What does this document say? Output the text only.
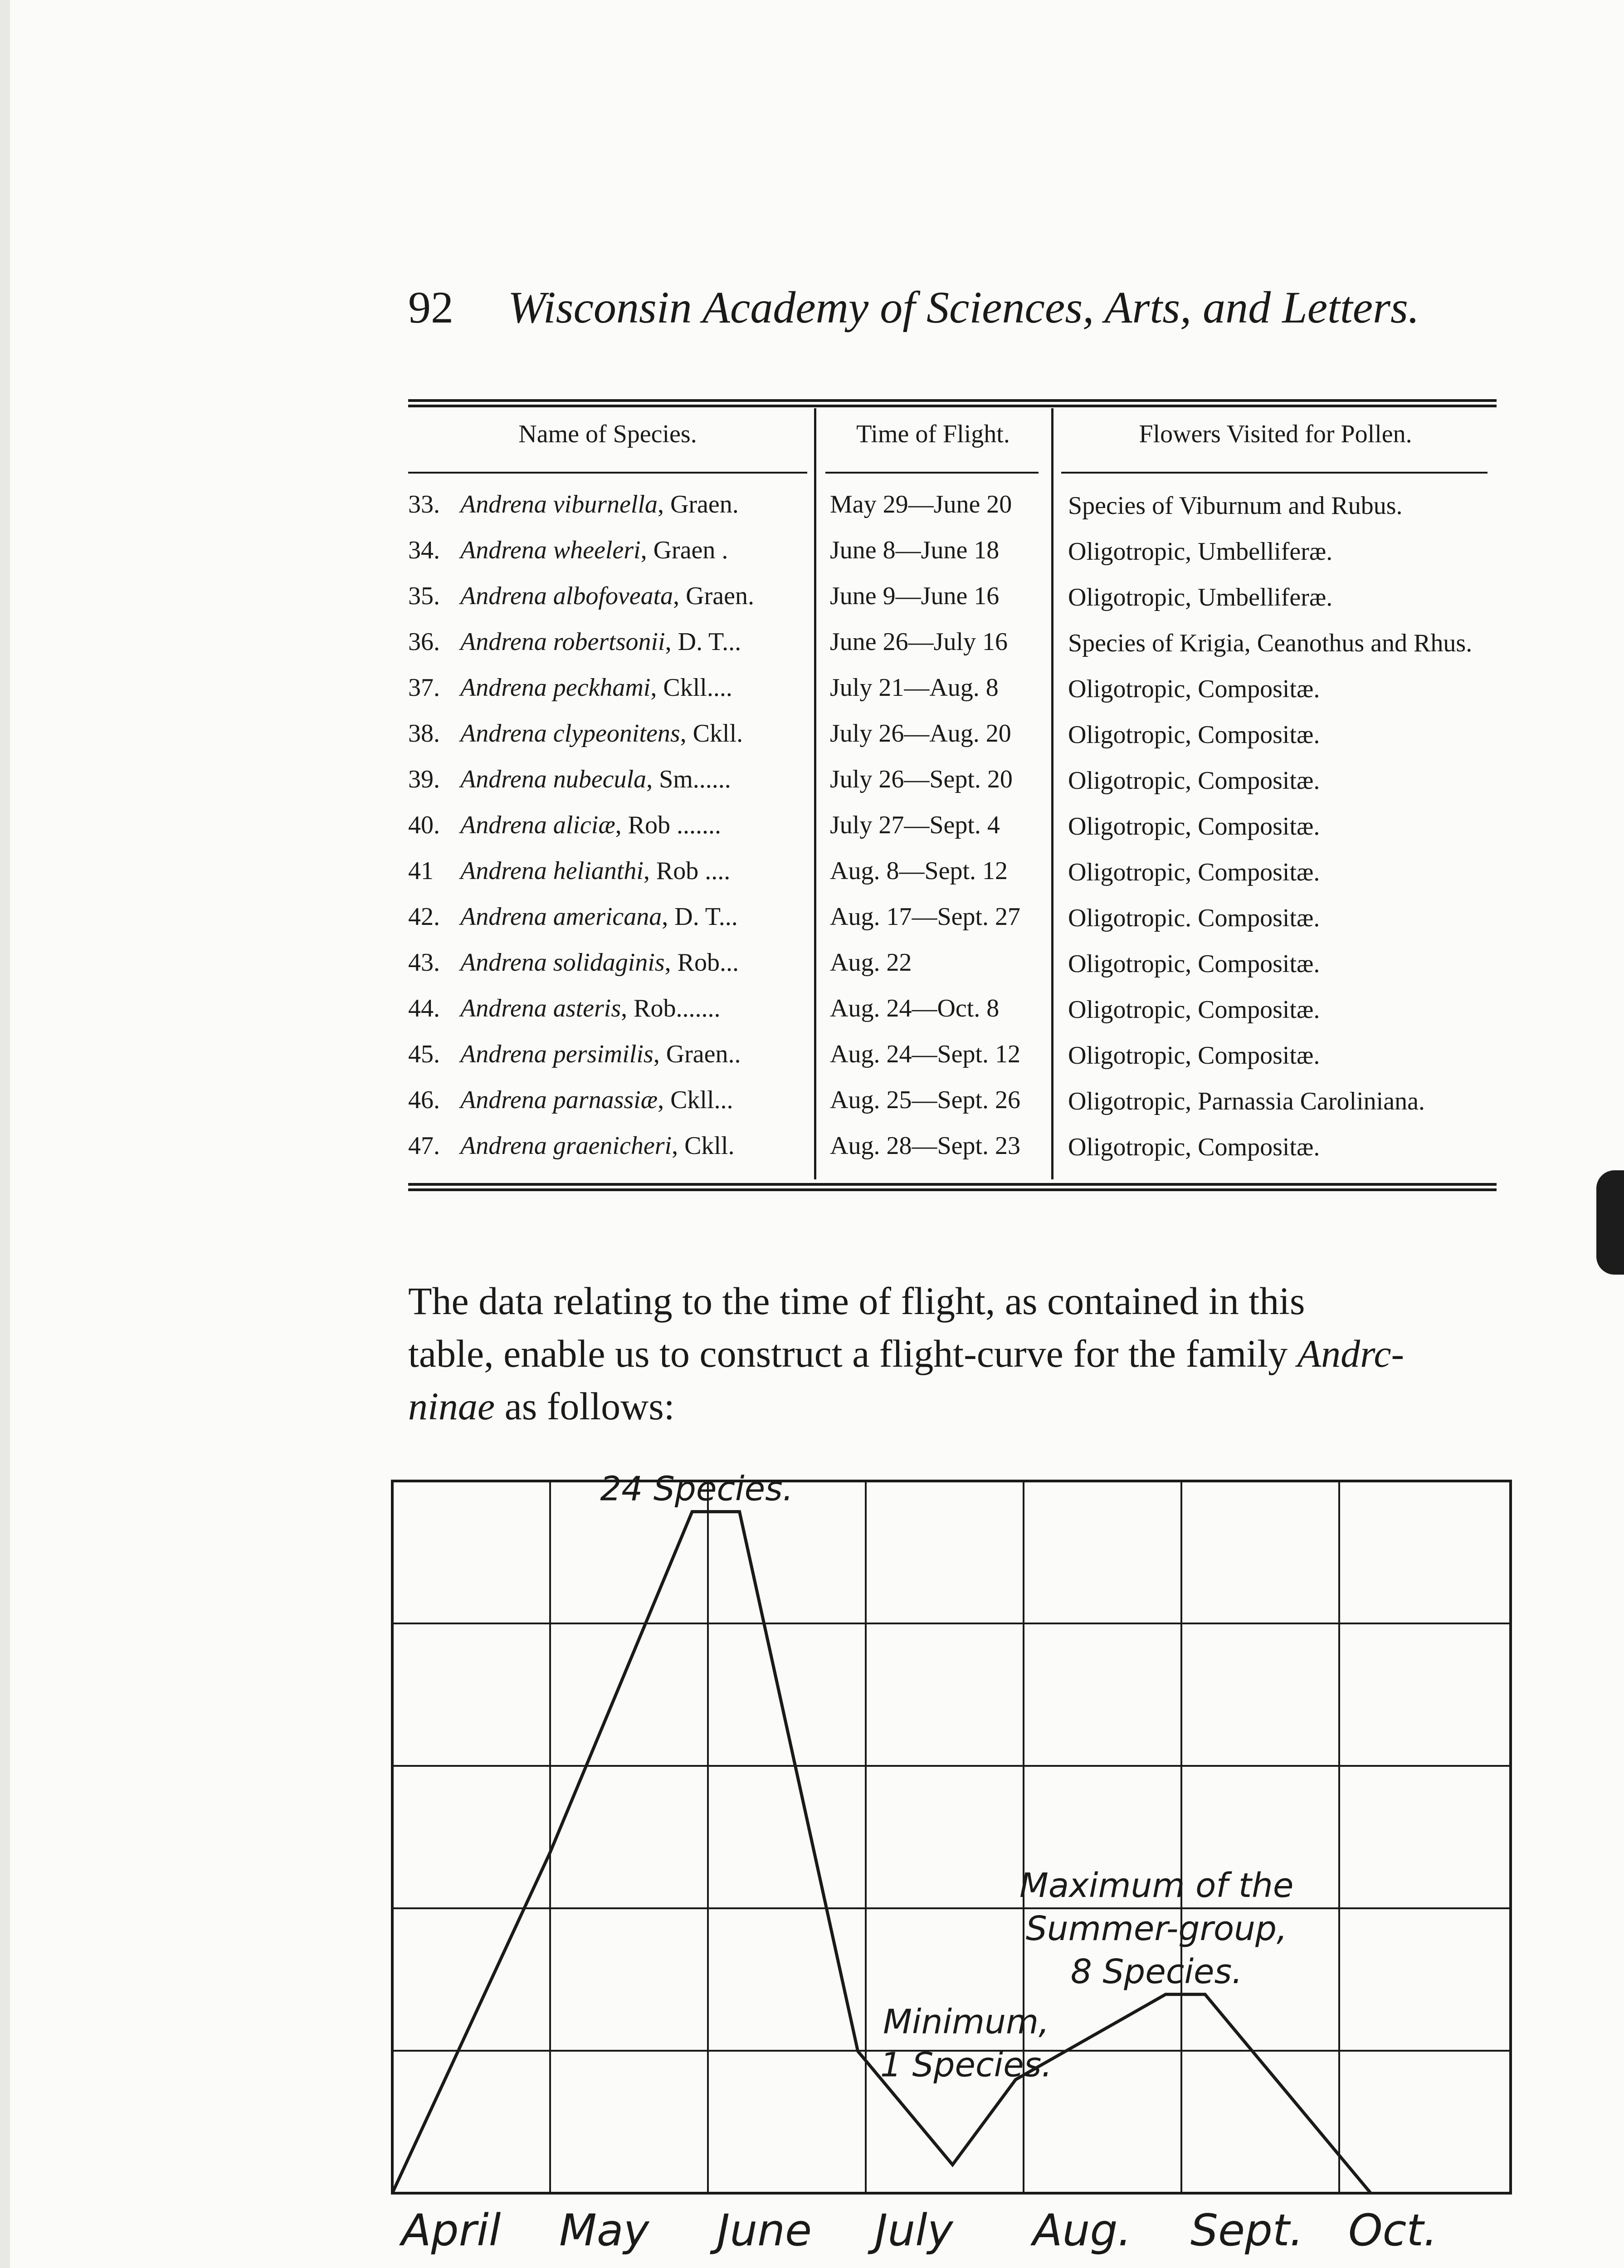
92 Wisconsin Academy of Sciences, Arts, and Letters.
Name of Species.	Time of Flight.	Flowers Visited for Pollen.
33. Andrena viburnella, Graen.	May 29—June 20 Species of Viburnum and Rubus.
34. Andrena wheeleri, Graen .	June 8—June 18	Oligotropic, Umbelliferæ.
35. Andrena albofoveata, Graen.	June 9—June 16	Oligotropic, Umbelliferæ.
36. Andrena robertsonii, D. T...	June 26—July 16 Species of Krigia, Ceanothus and Rhus.
37. Andrena peckhami, Ckll....	July 21—Aug. 8	Oligotropic, Compositæ.
38. Andrena clypeonitens, Ckll.	July 26—Aug. 20 Oligotropic, Compositæ.
39. Andrena nubecula, Sm......	July 26—Sept. 20 Oligotropic, Compositæ.
40. Andrena aliciæ, Rob .......	July 27—Sept. 4	Oligotropic, Compositæ.
41 Andrena helianthi, Rob ....	Aug. 8—Sept. 12 Oligotropic, Compositæ.
42. Andrena americana, D. T...	Aug. 17—Sept. 27 Oligotropic. Compositæ.
43. Andrena solidaginis, Rob...	Aug. 22	Oligotropic, Compositæ.
44. Andrena asteris, Rob.......	Aug. 24—Oct. 8	Oligotropic, Compositæ.
45. Andrena persimilis, Graen..	Aug. 24—Sept. 12 Oligotropic, Compositæ.
46. Andrena parnassiæ, Ckll...	Aug. 25—Sept. 26 Oligotropic, Parnassia Caroliniana.
47. Andrena graenicheri, Ckll.	Aug. 28—Sept. 23 Oligotropic, Compositæ.

The data relating to the time of flight, as contained in this

table, enable us to construct a flight-curve for the family Andrc-

ninae as follows:

April May June July Aug. Sept. Oct.
24 Species.
Minimum,
1 Species.
Maximum of the
Summer-group,
8 Species.
